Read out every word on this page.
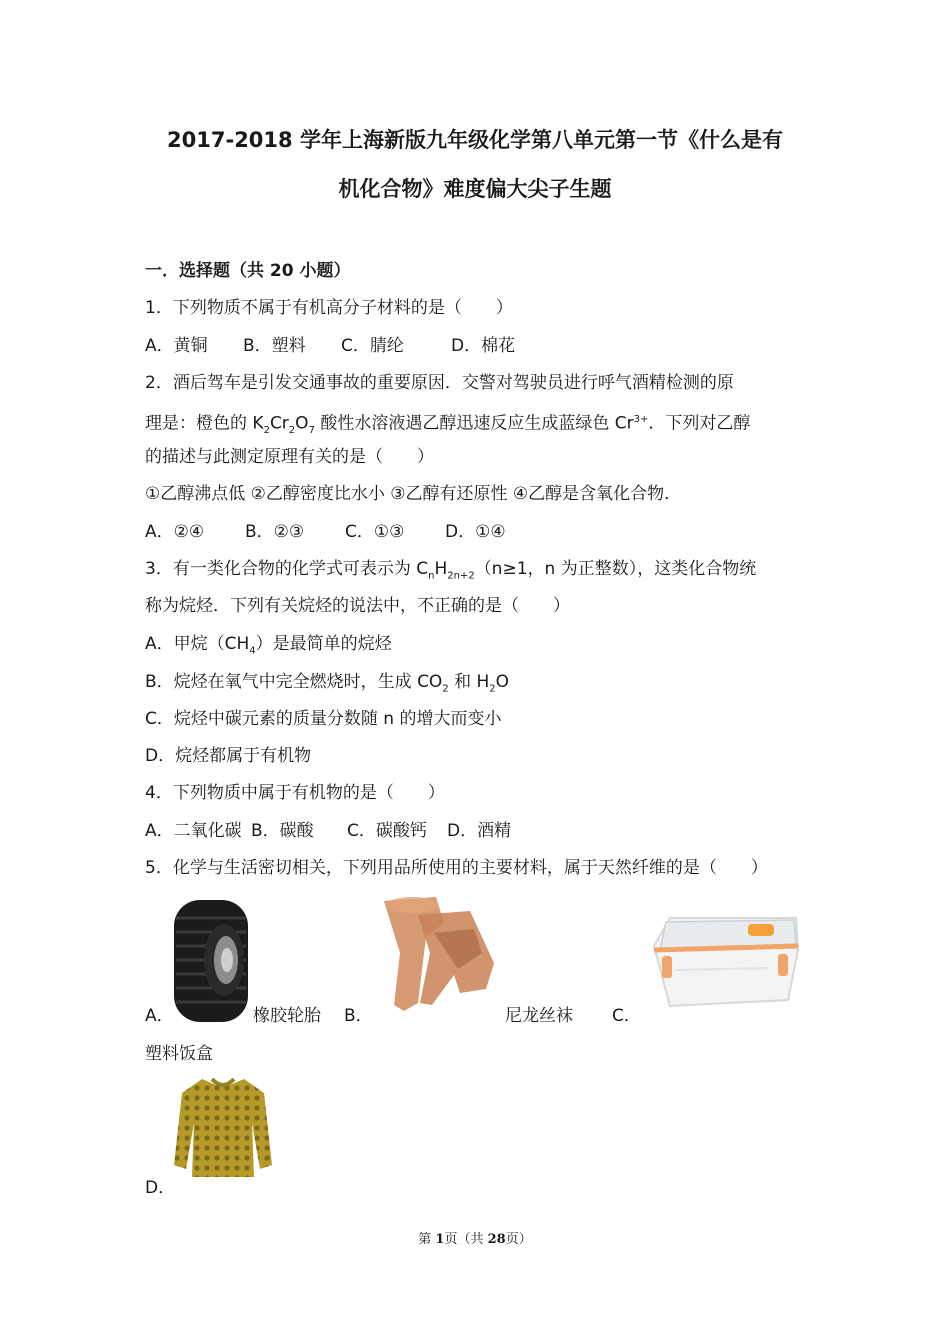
2017-2018 学年上海新版九年级化学第八单元第一节《什么是有
机化合物》难度偏大尖子生题
一．选择题（共 20 小题）
1．下列物质不属于有机高分子材料的是（　　）
A．黄铜 B．塑料 C．腈纶	D．棉花
2．酒后驾车是引发交通事故的重要原因．交警对驾驶员进行呼气酒精检测的原
理是：橙色的 $K_2Cr_2O_7$ 酸性水溶液遇乙醇迅速反应生成蓝绿色 $Cr^{3+}$．下列对乙醇
的描述与此测定原理有关的是（　　）
①乙醇沸点低 ②乙醇密度比水小 ③乙醇有还原性 ④乙醇是含氧化合物．
A．②④ B．②③ C．①③ D．①④
3．有一类化合物的化学式可表示为 $C_nH_{2n+2}(n\ge 1$，n 为正整数），这类化合物统
称为烷烃．下列有关烷烃的说法中，不正确的是（　　）
A．甲烷$(CH_4)$是最简单的烷烃
B．烷烃在氧气中完全燃烧时，生成 $CO_2$ 和 $H_2O$
C．烷烃中碳元素的质量分数随 n 的增大而变小
D．烷烃都属于有机物
4．下列物质中属于有机物的是（　　）
A．二氧化碳 B．碳酸 C．碳酸钙 D．酒精
5．化学与生活密切相关，下列用品所使用的主要材料，属于天然纤维的是（　　）
A．	橡胶轮胎 B．	尼龙丝袜 C．
塑料饭盒
D．
第 1页（共 28页）
